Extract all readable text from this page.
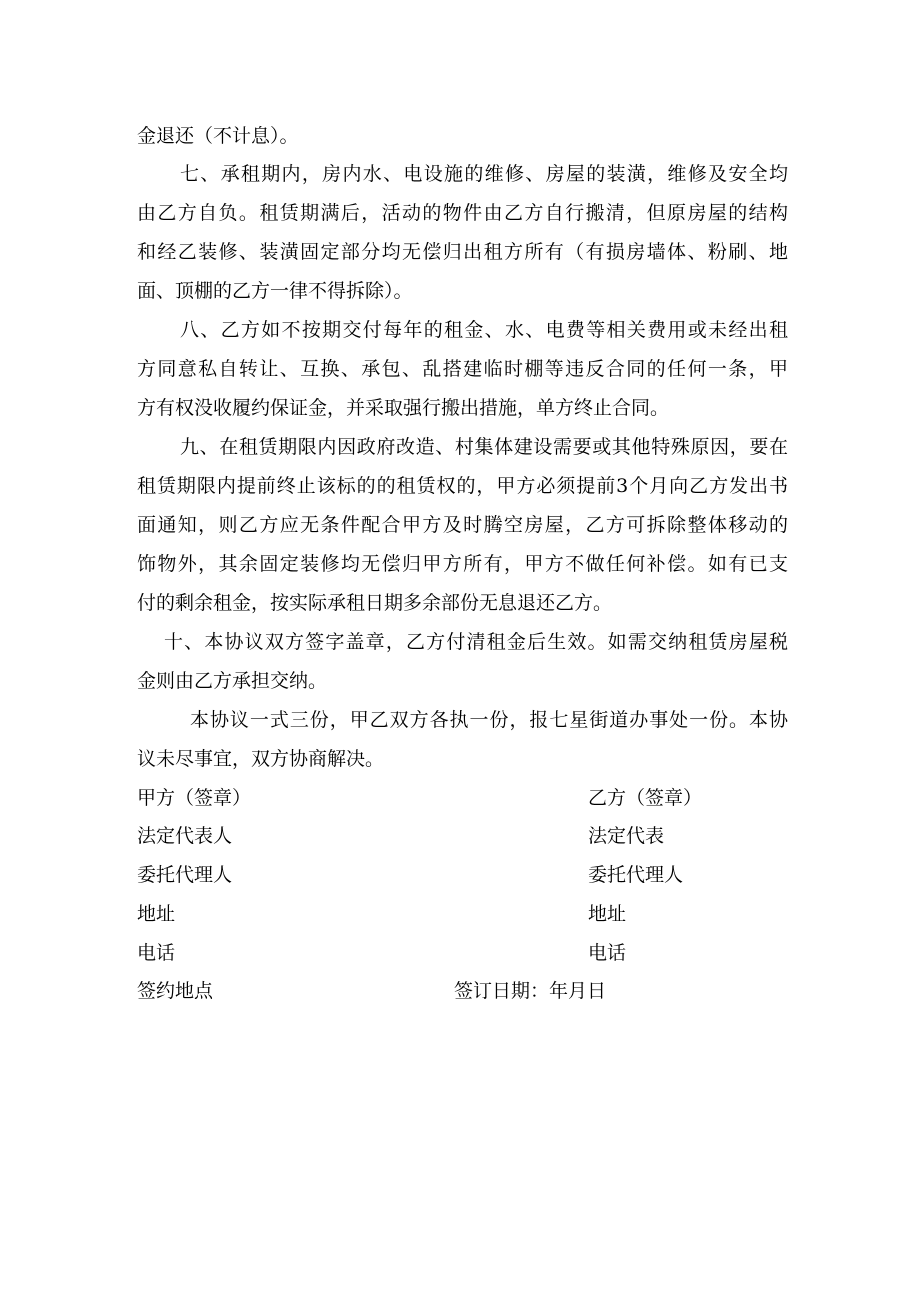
金退还（不计息）。
七、承租期内，房内水、电设施的维修、房屋的装潢，维修及安全均
由乙方自负。租赁期满后，活动的物件由乙方自行搬清，但原房屋的结构
和经乙装修、装潢固定部分均无偿归出租方所有（有损房墙体、粉刷、地
面、顶棚的乙方一律不得拆除）。
八、乙方如不按期交付每年的租金、水、电费等相关费用或未经出租
方同意私自转让、互换、承包、乱搭建临时棚等违反合同的任何一条，甲
方有权没收履约保证金，并采取强行搬出措施，单方终止合同。
九、在租赁期限内因政府改造、村集体建设需要或其他特殊原因，要在
租赁期限内提前终止该标的的租赁权的，甲方必须提前3个月向乙方发出书
面通知，则乙方应无条件配合甲方及时腾空房屋，乙方可拆除整体移动的
饰物外，其余固定装修均无偿归甲方所有，甲方不做任何补偿。如有已支
付的剩余租金，按实际承租日期多余部份无息退还乙方。
十、本协议双方签字盖章，乙方付清租金后生效。如需交纳租赁房屋税
金则由乙方承担交纳。
本协议一式三份，甲乙双方各执一份，报七星街道办事处一份。本协
议未尽事宜，双方协商解决。
甲方（签章）	乙方（签章）
法定代表人	法定代表
委托代理人	委托代理人
地址	地址
电话	电话
签约地点	签订日期：年月日
